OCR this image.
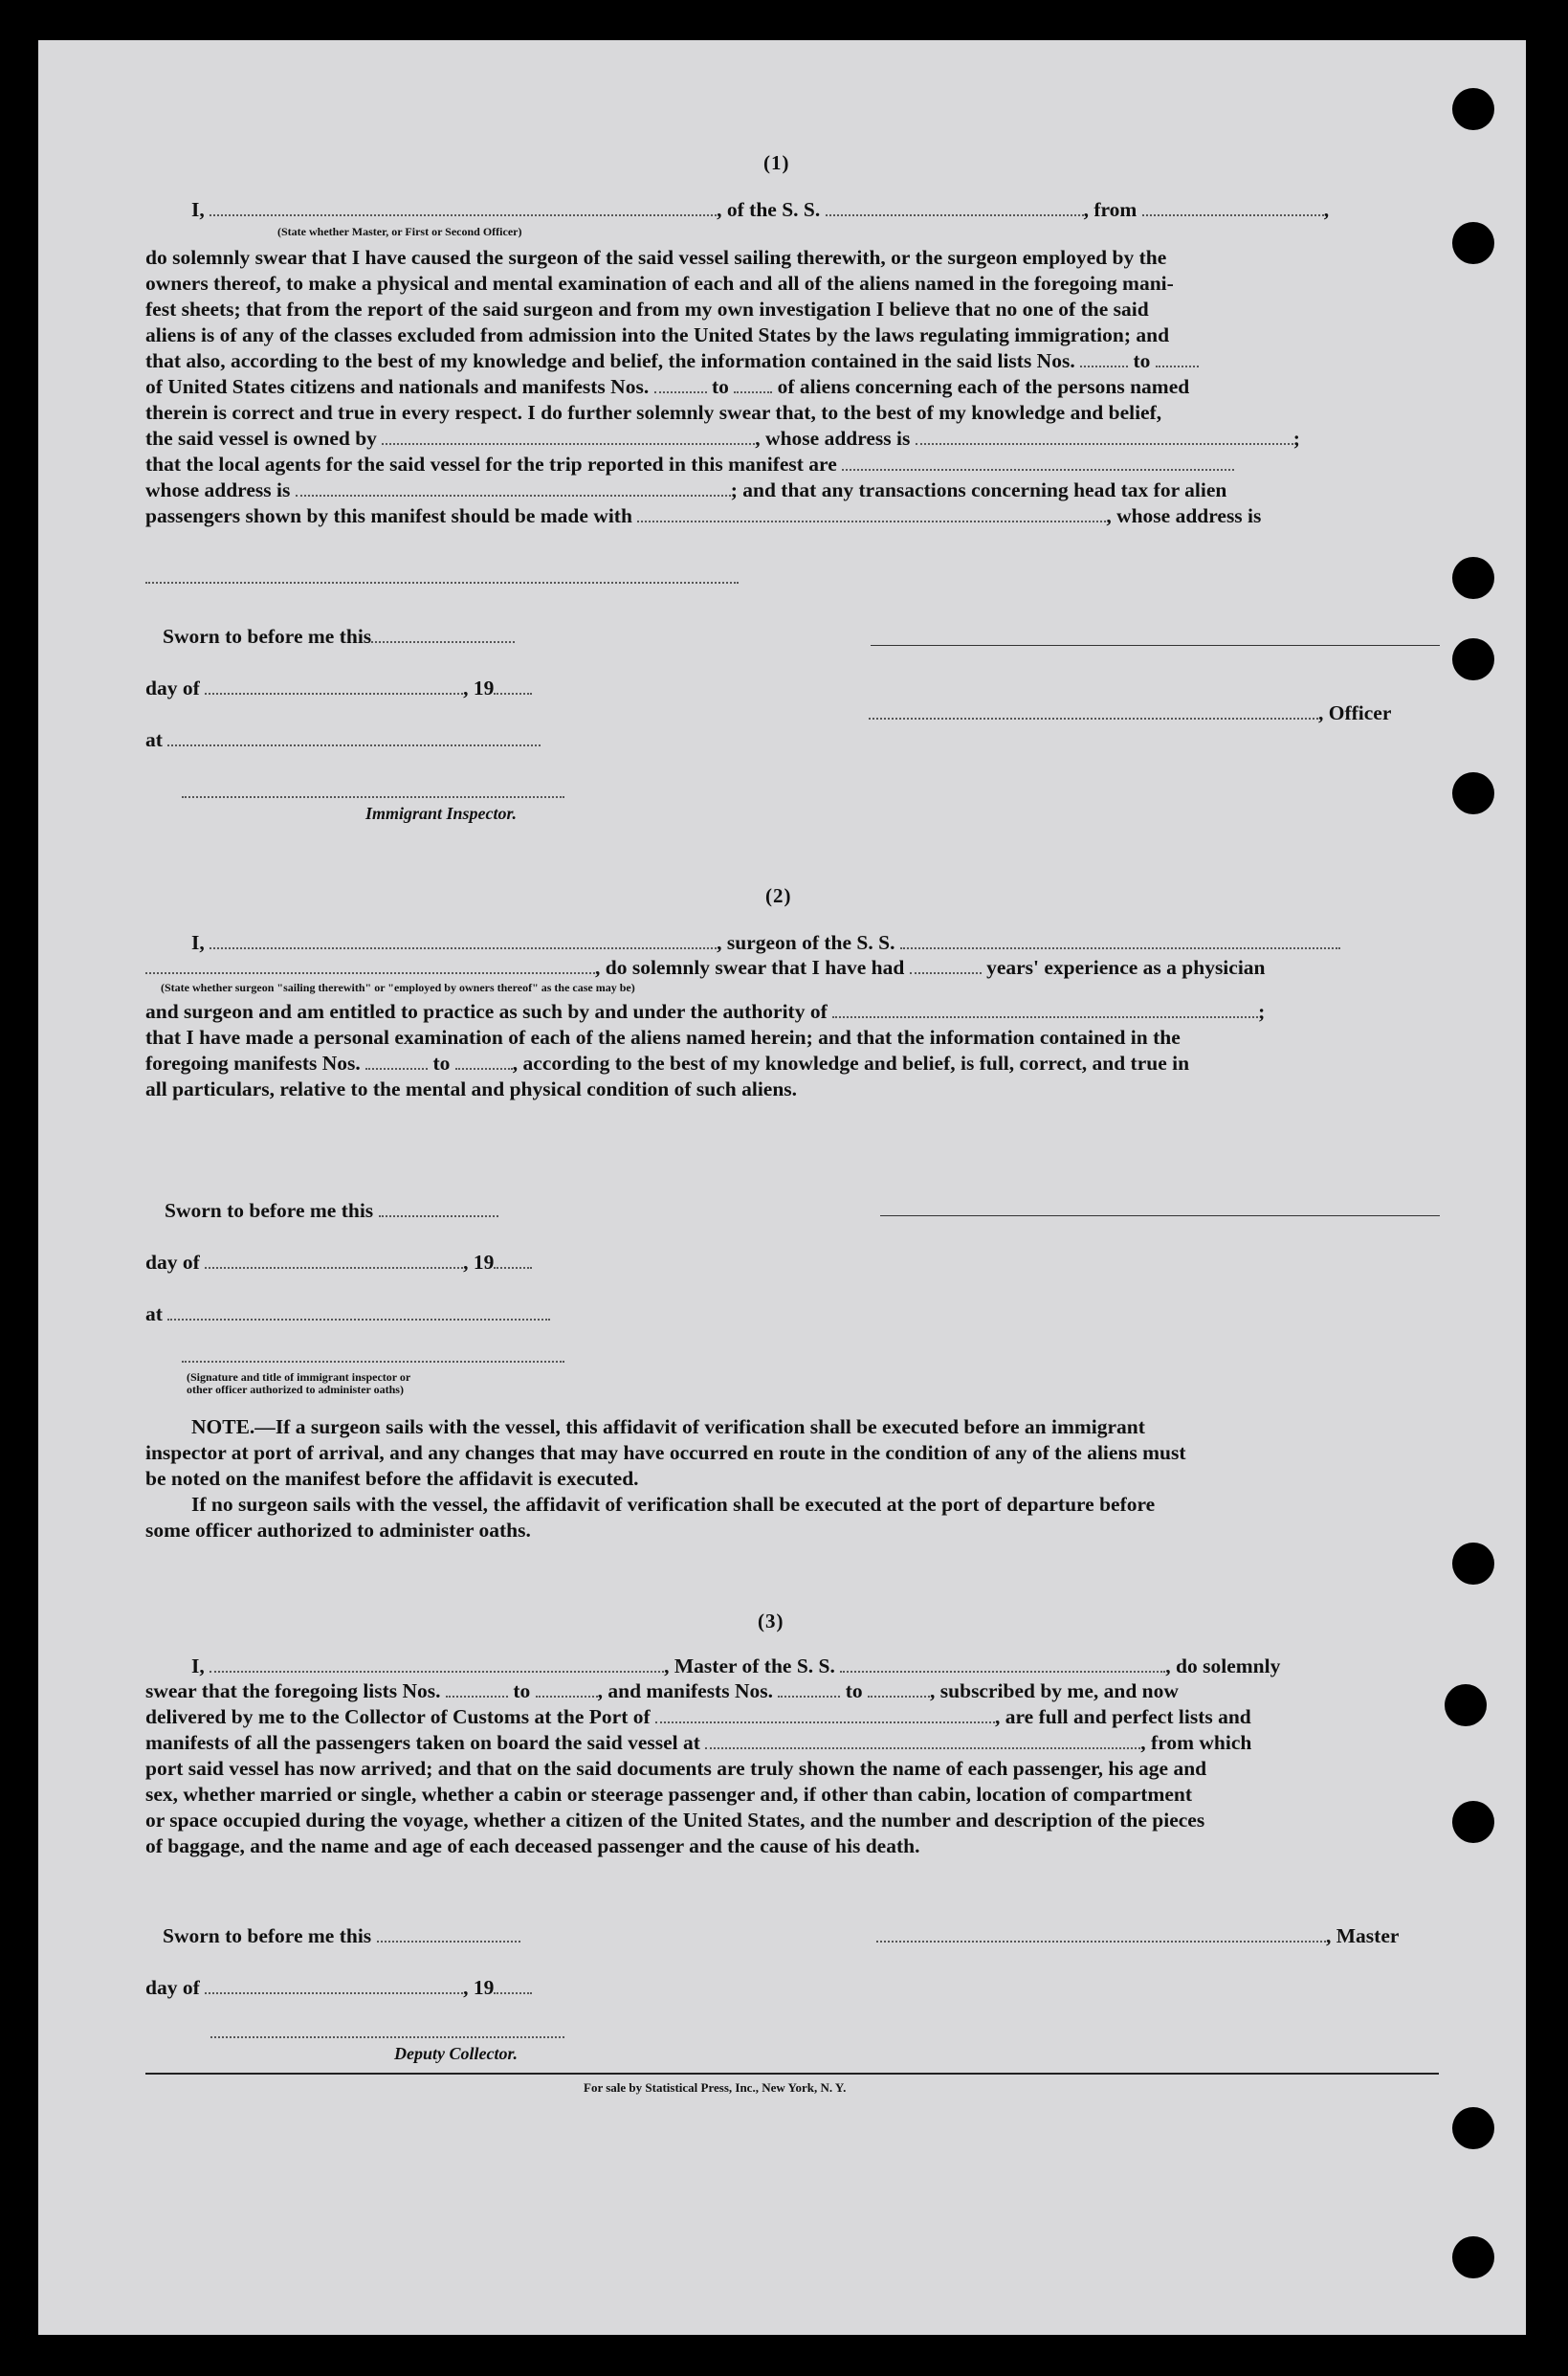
(1)
I,	, of the S. S.	, from	,
(State whether Master, or First or Second Officer)
do solemnly swear that I have caused the surgeon of the said vessel sailing therewith, or the surgeon employed by the
owners thereof, to make a physical and mental examination of each and all of the aliens named in the foregoing mani-
fest sheets; that from the report of the said surgeon and from my own investigation I believe that no one of the said
aliens is of any of the classes excluded from admission into the United States by the laws regulating immigration; and
that also, according to the best of my knowledge and belief, the information contained in the said lists Nos.	to
of United States citizens and nationals and manifests Nos.	to of aliens concerning each of the persons named
therein is correct and true in every respect. I do further solemnly swear that, to the best of my knowledge and belief,
the said vessel is owned by	, whose address is	;
that the local agents for the said vessel for the trip reported in this manifest are
whose address is	; and that any transactions concerning head tax for alien
passengers shown by this manifest should be made with	, whose address is
Sworn to before me this
day of	, 19
, Officer
at
Immigrant Inspector.
(2)
I,	, surgeon of the S. S.
, do solemnly swear that I have had	years' experience as a physician
(State whether surgeon "sailing therewith" or "employed by owners thereof" as the case may be)
and surgeon and am entitled to practice as such by and under the authority of	;
that I have made a personal examination of each of the aliens named herein; and that the information contained in the
foregoing manifests Nos.	to	, according to the best of my knowledge and belief, is full, correct, and true in
all particulars, relative to the mental and physical condition of such aliens.
Sworn to before me this
day of	, 19
at
(Signature and title of immigrant inspector or
other officer authorized to administer oaths)
NOTE.—If a surgeon sails with the vessel, this affidavit of verification shall be executed before an immigrant
inspector at port of arrival, and any changes that may have occurred en route in the condition of any of the aliens must
be noted on the manifest before the affidavit is executed.
If no surgeon sails with the vessel, the affidavit of verification shall be executed at the port of departure before
some officer authorized to administer oaths.
(3)
I,	, Master of the S. S.	, do solemnly
swear that the foregoing lists Nos.	to	, and manifests Nos.	to	, subscribed by me, and now
delivered by me to the Collector of Customs at the Port of	, are full and perfect lists and
manifests of all the passengers taken on board the said vessel at	, from which
port said vessel has now arrived; and that on the said documents are truly shown the name of each passenger, his age and
sex, whether married or single, whether a cabin or steerage passenger and, if other than cabin, location of compartment
or space occupied during the voyage, whether a citizen of the United States, and the number and description of the pieces
of baggage, and the name and age of each deceased passenger and the cause of his death.
Sworn to before me this	, Master
day of	, 19
Deputy Collector.
For sale by Statistical Press, Inc., New York, N. Y.
